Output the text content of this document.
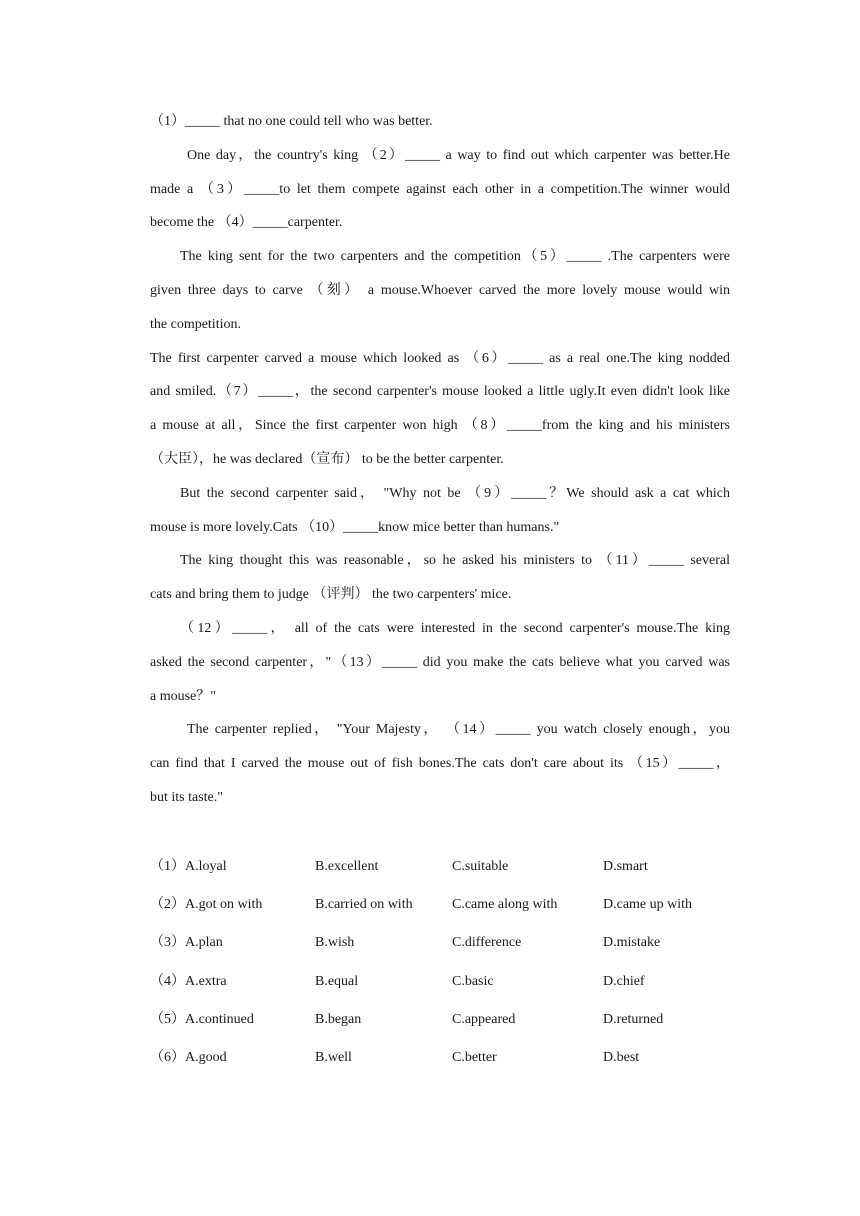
（1）_____ that no one could tell who was better.
One day，the country's king （2）_____ a way to find out which carpenter was better.He
made a （3）_____to let them compete against each other in a competition.The winner would
become the （4）_____carpenter.
The king sent for the two carpenters and the competition（5）_____ .The carpenters were
given three days to carve （刻） a mouse.Whoever carved the more lovely mouse would win
the competition.
The first carpenter carved a mouse which looked as （6）_____ as a real one.The king nodded
and smiled.（7）_____，the second carpenter's mouse looked a little ugly.It even didn't look like
a mouse at all，Since the first carpenter won high （8）_____from the king and his ministers
（大臣），he was declared（宣布） to be the better carpenter.
But the second carpenter said， "Why not be （9）_____？We should ask a cat which
mouse is more lovely.Cats （10）_____know mice better than humans."
The king thought this was reasonable，so he asked his ministers to （11）_____ several
cats and bring them to judge （评判） the two carpenters' mice.
（12）_____， all of the cats were interested in the second carpenter's mouse.The king
asked the second carpenter，"（13）_____ did you make the cats believe what you carved was
a mouse？"
The carpenter replied， "Your Majesty， （14）_____ you watch closely enough，you
can find that I carved the mouse out of fish bones.The cats don't care about its （15）_____，
but its taste."
（1）A.loyal	B.excellent	C.suitable	D.smart
（2）A.got on with	B.carried on with	C.came along with	D.came up with
（3）A.plan	B.wish	C.difference	D.mistake
（4）A.extra	B.equal	C.basic	D.chief
（5）A.continued	B.began	C.appeared	D.returned
（6）A.good	B.well	C.better	D.best
